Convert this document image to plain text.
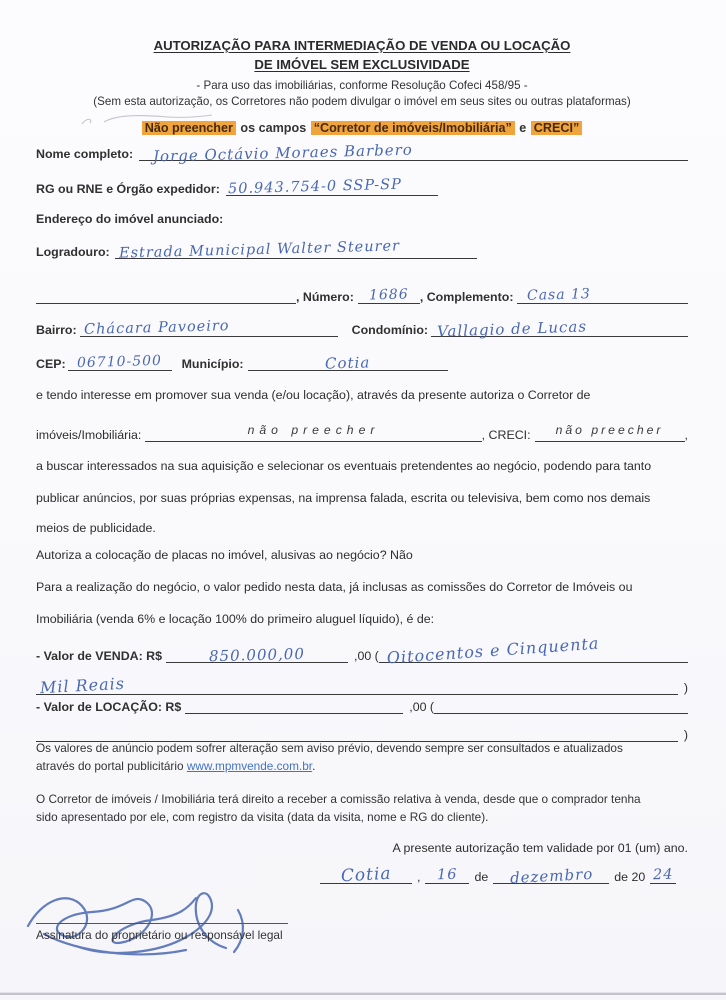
AUTORIZAÇÃO PARA INTERMEDIAÇÃO DE VENDA OU LOCAÇÃO
DE IMÓVEL SEM EXCLUSIVIDADE
- Para uso das imobiliárias, conforme Resolução Cofeci 458/95 -
(Sem esta autorização, os Corretores não podem divulgar o imóvel em seus sites ou outras plataformas)
Não preencher os campos “Corretor de imóveis/Imobiliária” e CRECI”
Nome completo:	Jorge Octávio Moraes Barbero
RG ou RNE e Órgão expedidor: 50.943.754-0 SSP-SP
Endereço do imóvel anunciado:
Logradouro: Estrada Municipal Walter Steurer
, Número:	1686 , Complemento: Casa 13
Bairro: Chácara Pavoeiro	Condomínio: Vallagio de Lucas
CEP: 06710-500	Município:	Cotia
e tendo interesse em promover sua venda (e/ou locação), através da presente autoriza o Corretor de
imóveis/Imobiliária:	não preecher	, CRECI:	não preecher	,
a buscar interessados na sua aquisição e selecionar os eventuais pretendentes ao negócio, podendo para tanto
publicar anúncios, por suas próprias expensas, na imprensa falada, escrita ou televisiva, bem como nos demais
meios de publicidade.
Autoriza a colocação de placas no imóvel, alusivas ao negócio? Não
Para a realização do negócio, o valor pedido nesta data, já inclusas as comissões do Corretor de Imóveis ou
Imobiliária (venda 6% e locação 100% do primeiro aluguel líquido), é de:
- Valor de VENDA: R$	850.000,00	,00 ( Oitocentos e Cinquenta
Mil Reais	)
- Valor de LOCAÇÃO: R$	,00 (
)
Os valores de anúncio podem sofrer alteração sem aviso prévio, devendo sempre ser consultados e atualizados
através do portal publicitário www.mpmvende.com.br.
O Corretor de imóveis / Imobiliária terá direito a receber a comissão relativa à venda, desde que o comprador tenha
sido apresentado por ele, com registro da visita (data da visita, nome e RG do cliente).
A presente autorização tem validade por 01 (um) ano.
Cotia	,	16	de	dezembro	de 20 24
Assinatura do proprietário ou responsável legal
